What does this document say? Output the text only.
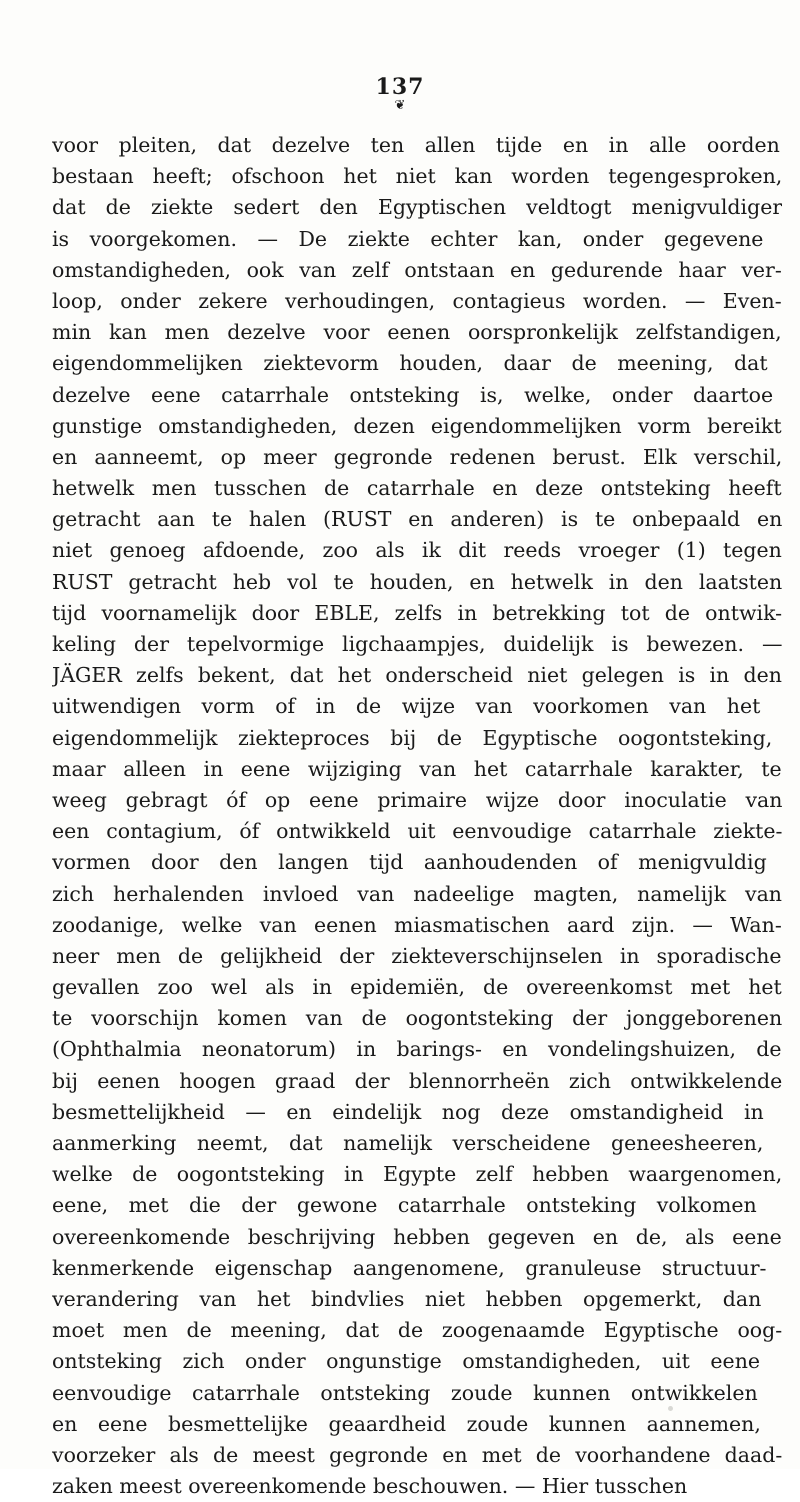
137
❦
voor pleiten, dat dezelve ten allen tijde en in alle oorden
bestaan heeft; ofschoon het niet kan worden tegengesproken,
dat de ziekte sedert den Egyptischen veldtogt menigvuldiger
is voorgekomen. — De ziekte echter kan, onder gegevene
omstandigheden, ook van zelf ontstaan en gedurende haar ver-
loop, onder zekere verhoudingen, contagieus worden. — Even-
min kan men dezelve voor eenen oorspronkelijk zelfstandigen,
eigendommelijken ziektevorm houden, daar de meening, dat
dezelve eene catarrhale ontsteking is, welke, onder daartoe
gunstige omstandigheden, dezen eigendommelijken vorm bereikt
en aanneemt, op meer gegronde redenen berust. Elk verschil,
hetwelk men tusschen de catarrhale en deze ontsteking heeft
getracht aan te halen (RUST en anderen) is te onbepaald en
niet genoeg afdoende, zoo als ik dit reeds vroeger (1) tegen
RUST getracht heb vol te houden, en hetwelk in den laatsten
tijd voornamelijk door EBLE, zelfs in betrekking tot de ontwik-
keling der tepelvormige ligchaampjes, duidelijk is bewezen. —
JÄGER zelfs bekent, dat het onderscheid niet gelegen is in den
uitwendigen vorm of in de wijze van voorkomen van het
eigendommelijk ziekteproces bij de Egyptische oogontsteking,
maar alleen in eene wijziging van het catarrhale karakter, te
weeg gebragt óf op eene primaire wijze door inoculatie van
een contagium, óf ontwikkeld uit eenvoudige catarrhale ziekte-
vormen door den langen tijd aanhoudenden of menigvuldig
zich herhalenden invloed van nadeelige magten, namelijk van
zoodanige, welke van eenen miasmatischen aard zijn. — Wan-
neer men de gelijkheid der ziekteverschijnselen in sporadische
gevallen zoo wel als in epidemiën, de overeenkomst met het
te voorschijn komen van de oogontsteking der jonggeborenen
(Ophthalmia neonatorum) in barings- en vondelingshuizen, de
bij eenen hoogen graad der blennorrheën zich ontwikkelende
besmettelijkheid — en eindelijk nog deze omstandigheid in
aanmerking neemt, dat namelijk verscheidene geneesheeren,
welke de oogontsteking in Egypte zelf hebben waargenomen,
eene, met die der gewone catarrhale ontsteking volkomen
overeenkomende beschrijving hebben gegeven en de, als eene
kenmerkende eigenschap aangenomene, granuleuse structuur-
verandering van het bindvlies niet hebben opgemerkt, dan
moet men de meening, dat de zoogenaamde Egyptische oog-
ontsteking zich onder ongunstige omstandigheden, uit eene
eenvoudige catarrhale ontsteking zoude kunnen ontwikkelen
en eene besmettelijke geaardheid zoude kunnen aannemen,
voorzeker als de meest gegronde en met de voorhandene daad-
zaken meest overeenkomende beschouwen. — Hier tusschen
